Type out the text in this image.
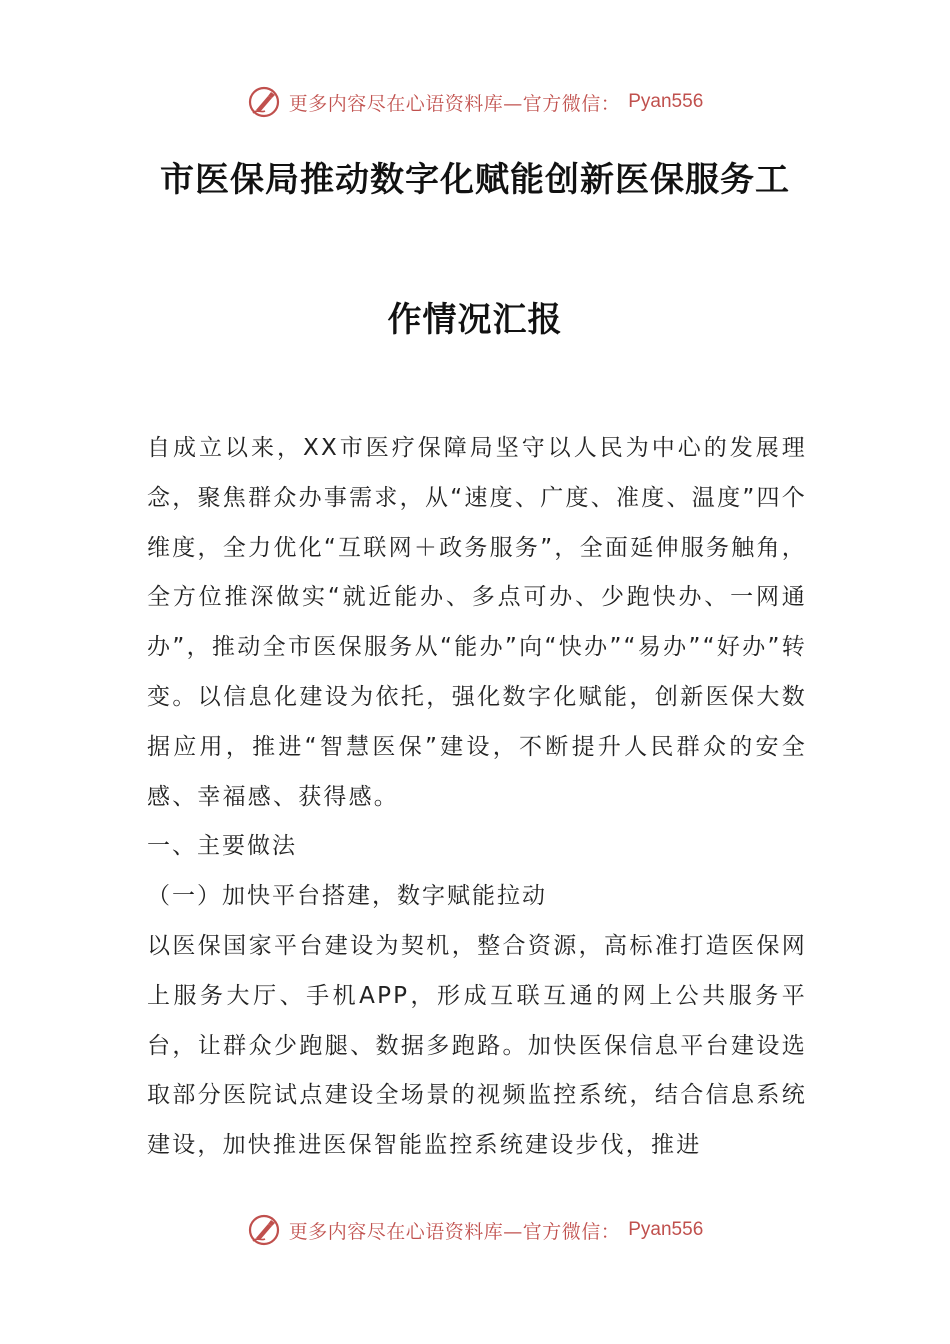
更多内容尽在心语资料库—官方微信： Pyan556
市医保局推动数字化赋能创新医保服务工
作情况汇报

自成立以来，XX市医疗保障局坚守以人民为中心的发展理念，聚焦群众办事需求，从“速度、广度、准度、温度”四个维度，全力优化“互联网＋政务服务”，全面延伸服务触角，全方位推深做实“就近能办、多点可办、少跑快办、一网通办”，推动全市医保服务从“能办”向“快办”“易办”“好办”转变。以信息化建设为依托，强化数字化赋能，创新医保大数据应用，推进“智慧医保”建设，不断提升人民群众的安全感、幸福感、获得感。

一、主要做法

（一）加快平台搭建，数字赋能拉动

以医保国家平台建设为契机，整合资源，高标准打造医保网上服务大厅、手机APP，形成互联互通的网上公共服务平台，让群众少跑腿、数据多跑路。加快医保信息平台建设选取部分医院试点建设全场景的视频监控系统，结合信息系统建设，加快推进医保智能监控系统建设步伐，推进

更多内容尽在心语资料库—官方微信： Pyan556
